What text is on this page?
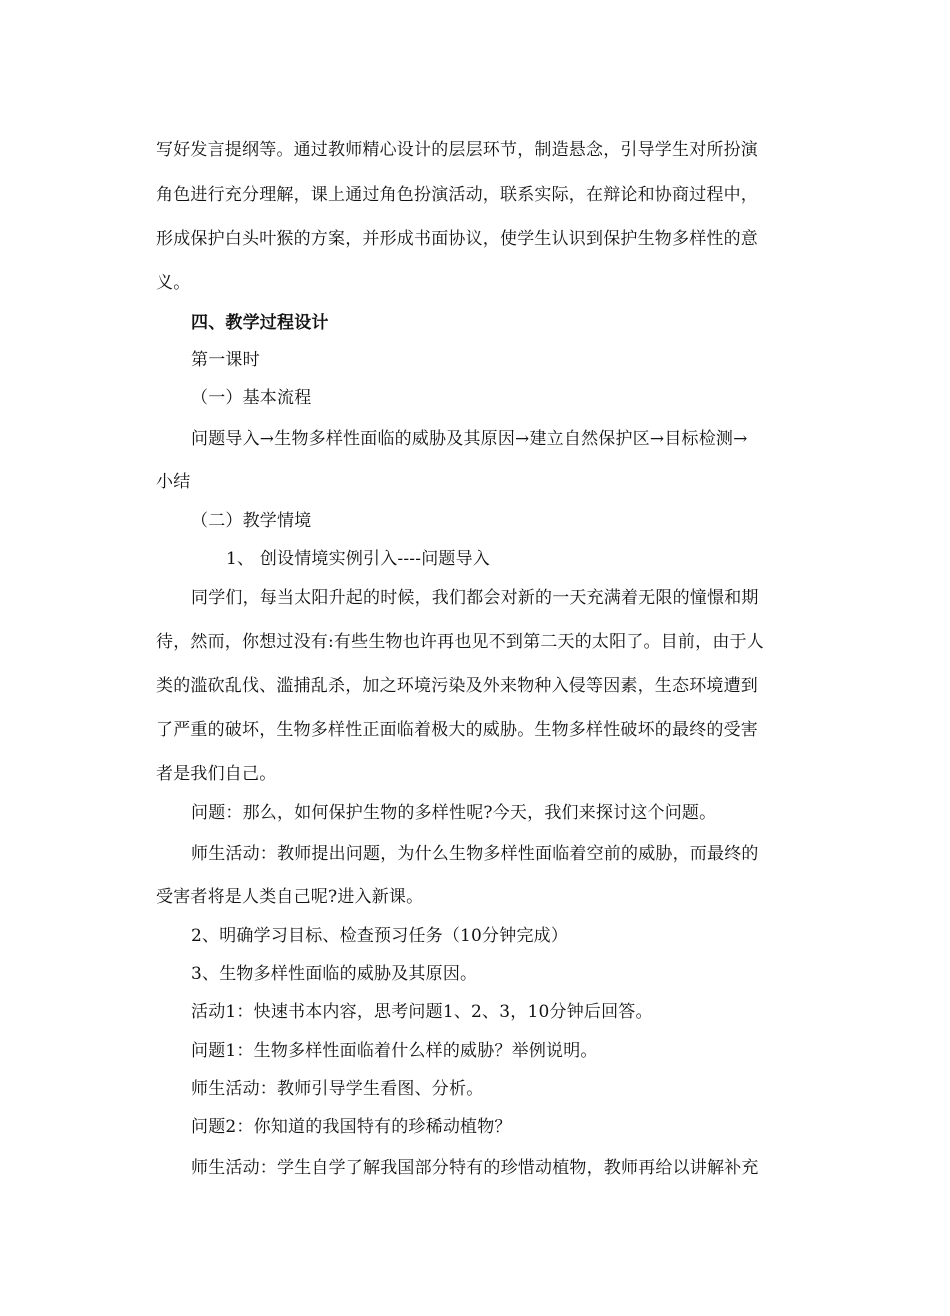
写好发言提纲等。通过教师精心设计的层层环节，制造悬念，引导学生对所扮演
角色进行充分理解，课上通过角色扮演活动，联系实际，在辩论和协商过程中，
形成保护白头叶猴的方案，并形成书面协议，使学生认识到保护生物多样性的意
义。
四、教学过程设计
第一课时
（一）基本流程
问题导入→生物多样性面临的威胁及其原因→建立自然保护区→目标检测→
小结
（二）教学情境
1、 创设情境实例引入----问题导入
同学们，每当太阳升起的时候，我们都会对新的一天充满着无限的憧憬和期
待，然而，你想过没有:有些生物也许再也见不到第二天的太阳了。目前，由于人
类的滥砍乱伐、滥捕乱杀，加之环境污染及外来物种入侵等因素，生态环境遭到
了严重的破坏，生物多样性正面临着极大的威胁。生物多样性破坏的最终的受害
者是我们自己。
问题：那么，如何保护生物的多样性呢?今天，我们来探讨这个问题。
师生活动：教师提出问题，为什么生物多样性面临着空前的威胁，而最终的
受害者将是人类自己呢?进入新课。
2、明确学习目标、检查预习任务（10分钟完成）
3、生物多样性面临的威胁及其原因。
活动1：快速书本内容，思考问题1、2、3，10分钟后回答。
问题1：生物多样性面临着什么样的威胁？举例说明。
师生活动：教师引导学生看图、分析。
问题2：你知道的我国特有的珍稀动植物？
师生活动：学生自学了解我国部分特有的珍惜动植物，教师再给以讲解补充
